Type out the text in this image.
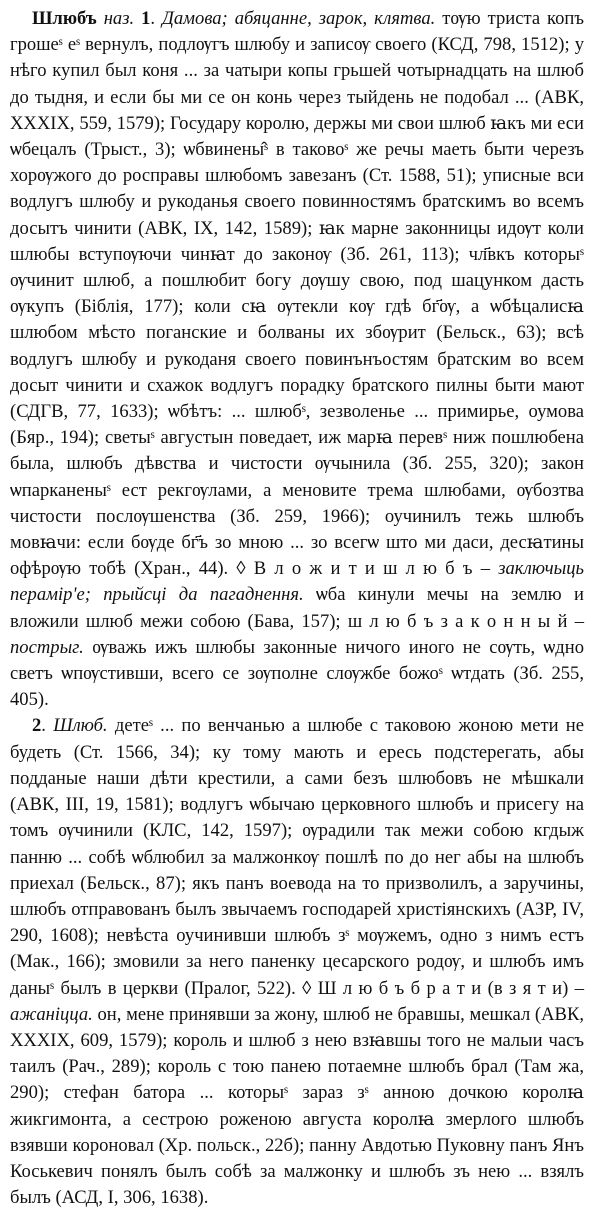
Шлюбъ наз. 1. Дамова; абяцанне, зарок, клятва. тѹю триста копъ грошеˢ еˢ вернулъ, подлѹгъ шлюбу и записѹ своего (КСД, 798, 1512); у нѣго купил был коня ... за чатыри копы грьшей чотырнадцать на шлюб до тыдня, и если бы ми се он конь через тыйдень не подобал ... (АВК, XXXIX, 559, 1579); Государу королю, держы ми свои шлюб ꙗкъ ми еси ѡбецалъ (Трыст., 3); ѡбвинены̂ˢ в таковоˢ же речы маеть быти черезъ хорѹжого до росправы шлюбомъ завезанъ (Ст. 1588, 51); уписные вси водлугъ шлюбу и рукоданья своего повинностямъ братскимъ во всемъ досытъ чинити (АВК, IX, 142, 1589); ꙗк марне законницы идѹт коли шлюбы вступѹючи чинꙗт до законѹ (Зб. 261, 113); чл҃вкъ которыˢ ѹчинит шлюб, а пошлюбит богу дѹшу свою, под шацунком дасть ѹкупъ (Біблія, 177); коли сꙗ ѹтекли кѹ гдѣ бг҃ѹ, а ѡбѣцалисꙗ шлюбом мѣсто поганские и болваны их збѹрит (Бельск., 63); всѣ водлугъ шлюбу и рукоданя своего повинънъостям братским во всем досыт чинити и схажок водлугъ порадку братского пилны быти мают (СДГВ, 77, 1633); ѡбѣтъ: ... шлюбˢ, зезволенье ... примирье, оумова (Бяр., 194); светыˢ августын поведает, иж марꙗ перевˢ ниж пошлюбена была, шлюбъ дѣвства и чистости ѹчынила (Зб. 255, 320); закон ѡпарканеныˢ ест рекгѹлами, а меновите трема шлюбами, ѹбозтва чистости послѹшенства (Зб. 259, 1966); оучинилъ тежь шлюбъ мовꙗчи: если бѹде бг҃ъ зо мною ... зо всегѡ што ми даси, десꙗтины офѣрѹю тобѣ (Хран., 44). ◊ В л о ж и т и ш л ю б ъ – заключыць перамір'е; прыйсці да пагаднення. ѡба кинули мечы на землю и вложили шлюб межи собою (Бава, 157); ш л ю б ъ з а к о н н ы й – пострыг. ѹважь ижъ шлюбы законные ничого иного не сѹть, ѡдно светъ ѡпѹстивши, всего се зѹполне слѹжбе божоˢ ѡтдать (Зб. 255, 405).

2. Шлюб. детеˢ ... по венчанью а шлюбе с таковою жоною мети не будеть (Ст. 1566, 34); ку тому мають и ересь подстерегать, абы подданые наши дѣти крестили, а сами безъ шлюбовъ не мѣшкали (АВК, III, 19, 1581); водлугъ ѡбычаю церковного шлюбъ и присегу на томъ ѹчинили (КЛС, 142, 1597); ѹрадили так межи собою кгдыж панню ... собѣ ѡблюбил за малжонкѹ пошлѣ по до нег абы на шлюбъ приехал (Бельск., 87); якъ панъ воевода на то призволилъ, а заручины, шлюбъ отправованъ былъ звычаемъ господарей христіянскихъ (АЗР, IV, 290, 1608); невѣста оучинивши шлюбъ зˢ мѹжемъ, одно з нимъ естъ (Мак., 166); змовили за него паненку цесарского родѹ, и шлюбъ имъ даныˢ былъ в церкви (Пралог, 522). ◊ Ш л ю б ъ б р а т и (в з я т и) – ажаніцца. он, мене принявши за жону, шлюб не бравшы, мешкал (АВК, XXXIX, 609, 1579); король и шлюб з нею взꙗвшы того не малыи часъ таилъ (Рач., 289); король с тою панею потаемне шлюбъ брал (Там жа, 290); стефан батора ... которыˢ зараз зˢ анною дочкою королꙗ жикгимонта, а сестрою роженою августа королꙗ змерлого шлюбъ взявши короновал (Хр. польск., 22б); панну Авдотью Пуковну панъ Янъ Коськевич понялъ былъ собѣ за малжонку и шлюбъ зъ нею ... взялъ былъ (АСД, I, 306, 1638).
